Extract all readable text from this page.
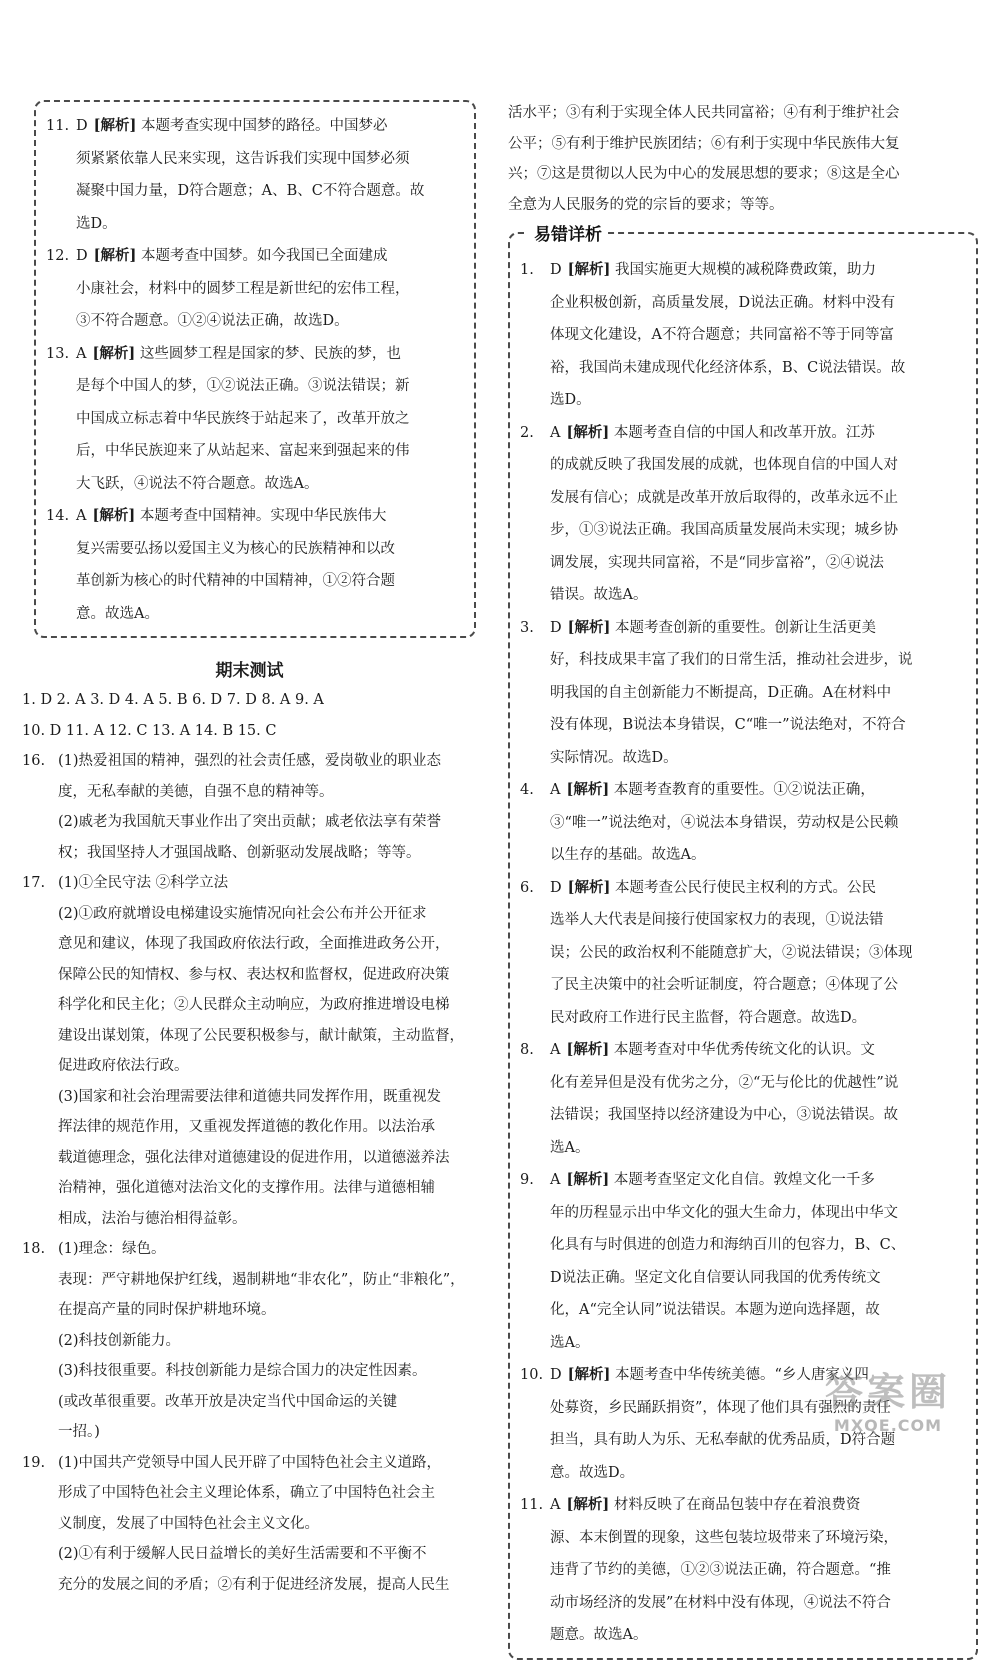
11. D [ 解析 ] 本题考查实现中国梦的路径。中国梦必
须紧紧依靠人民来实现，这告诉我们实现中国梦必须
凝聚中国力量，D符合题意；A、B、C不符合题意。故
选D。

12. D [ 解析 ] 本题考查中国梦。如今我国已全面建成
小康社会，材料中的圆梦工程是新世纪的宏伟工程，
③不符合题意。①②④说法正确，故选D。

13. A [ 解析 ] 这些圆梦工程是国家的梦、民族的梦，也
是每个中国人的梦，①②说法正确。③说法错误；新
中国成立标志着中华民族终于站起来了，改革开放之
后，中华民族迎来了从站起来、富起来到强起来的伟
大飞跃，④说法不符合题意。故选A。

14. A [ 解析 ] 本题考查中国精神。实现中华民族伟大
复兴需要弘扬以爱国主义为核心的民族精神和以改
革创新为核心的时代精神的中国精神，①②符合题
意。故选A。

期末测试

1. D 2. A 3. D 4. A 5. B 6. D 7. D 8. A 9. A

10. D 11. A 12. C 13. A 14. B 15. C

16. (1)热爱祖国的精神，强烈的社会责任感，爱岗敬业的职业态

度，无私奉献的美德，自强不息的精神等。

(2)戚老为我国航天事业作出了突出贡献；戚老依法享有荣誉

权；我国坚持人才强国战略、创新驱动发展战略；等等。

17. (1)①全民守法 ②科学立法

(2)①政府就增设电梯建设实施情况向社会公布并公开征求

意见和建议，体现了我国政府依法行政，全面推进政务公开，

保障公民的知情权、参与权、表达权和监督权，促进政府决策

科学化和民主化；②人民群众主动响应，为政府推进增设电梯

建设出谋划策，体现了公民要积极参与，献计献策，主动监督，

促进政府依法行政。

(3)国家和社会治理需要法律和道德共同发挥作用，既重视发

挥法律的规范作用，又重视发挥道德的教化作用。以法治承

载道德理念，强化法律对道德建设的促进作用，以道德滋养法

治精神，强化道德对法治文化的支撑作用。法律与道德相辅

相成，法治与德治相得益彰。

18. (1)理念：绿色。

表现：严守耕地保护红线，遏制耕地“非农化”，防止“非粮化”，

在提高产量的同时保护耕地环境。

(2)科技创新能力。

(3)科技很重要。科技创新能力是综合国力的决定性因素。

(或改革很重要。改革开放是决定当代中国命运的关键

一招。)

19. (1)中国共产党领导中国人民开辟了中国特色社会主义道路，

形成了中国特色社会主义理论体系，确立了中国特色社会主

义制度，发展了中国特色社会主义文化。

(2)①有利于缓解人民日益增长的美好生活需要和不平衡不

充分的发展之间的矛盾；②有利于促进经济发展，提高人民生

活水平；③有利于实现全体人民共同富裕；④有利于维护社会

公平；⑤有利于维护民族团结；⑥有利于实现中华民族伟大复

兴；⑦这是贯彻以人民为中心的发展思想的要求；⑧这是全心

全意为人民服务的党的宗旨的要求；等等。

易错详析

1. D [ 解析 ] 我国实施更大规模的减税降费政策，助力
企业积极创新，高质量发展，D说法正确。材料中没有
体现文化建设，A不符合题意；共同富裕不等于同等富
裕，我国尚未建成现代化经济体系，B、C说法错误。故
选D。

2. A [ 解析 ] 本题考查自信的中国人和改革开放。江苏
的成就反映了我国发展的成就，也体现自信的中国人对
发展有信心；成就是改革开放后取得的，改革永远不止
步，①③说法正确。我国高质量发展尚未实现；城乡协
调发展，实现共同富裕，不是“同步富裕”，②④说法
错误。故选A。

3. D [ 解析 ] 本题考查创新的重要性。创新让生活更美
好，科技成果丰富了我们的日常生活，推动社会进步，说
明我国的自主创新能力不断提高，D正确。A在材料中
没有体现，B说法本身错误，C“唯一”说法绝对，不符合
实际情况。故选D。

4. A [ 解析 ] 本题考查教育的重要性。①②说法正确，
③“唯一”说法绝对，④说法本身错误，劳动权是公民赖
以生存的基础。故选A。

6. D [ 解析 ] 本题考查公民行使民主权利的方式。公民
选举人大代表是间接行使国家权力的表现，①说法错
误；公民的政治权利不能随意扩大，②说法错误；③体现
了民主决策中的社会听证制度，符合题意；④体现了公
民对政府工作进行民主监督，符合题意。故选D。

8. A [ 解析 ] 本题考查对中华优秀传统文化的认识。文
化有差异但是没有优劣之分，②“无与伦比的优越性”说
法错误；我国坚持以经济建设为中心，③说法错误。故
选A。

9. A [ 解析 ] 本题考查坚定文化自信。敦煌文化一千多
年的历程显示出中华文化的强大生命力，体现出中华文
化具有与时俱进的创造力和海纳百川的包容力，B、C、
D说法正确。坚定文化自信要认同我国的优秀传统文
化，A“完全认同”说法错误。本题为逆向选择题，故
选A。

10. D [ 解析 ] 本题考查中华传统美德。“乡人唐家义四
处募资，乡民踊跃捐资”，体现了他们具有强烈的责任
担当，具有助人为乐、无私奉献的优秀品质，D符合题
意。故选D。

11. A [ 解析 ] 材料反映了在商品包装中存在着浪费资
源、本末倒置的现象，这些包装垃圾带来了环境污染，
违背了节约的美德，①②③说法正确，符合题意。“推
动市场经济的发展”在材料中没有体现，④说法不符合
题意。故选A。

答案圈
MXQE.COM
